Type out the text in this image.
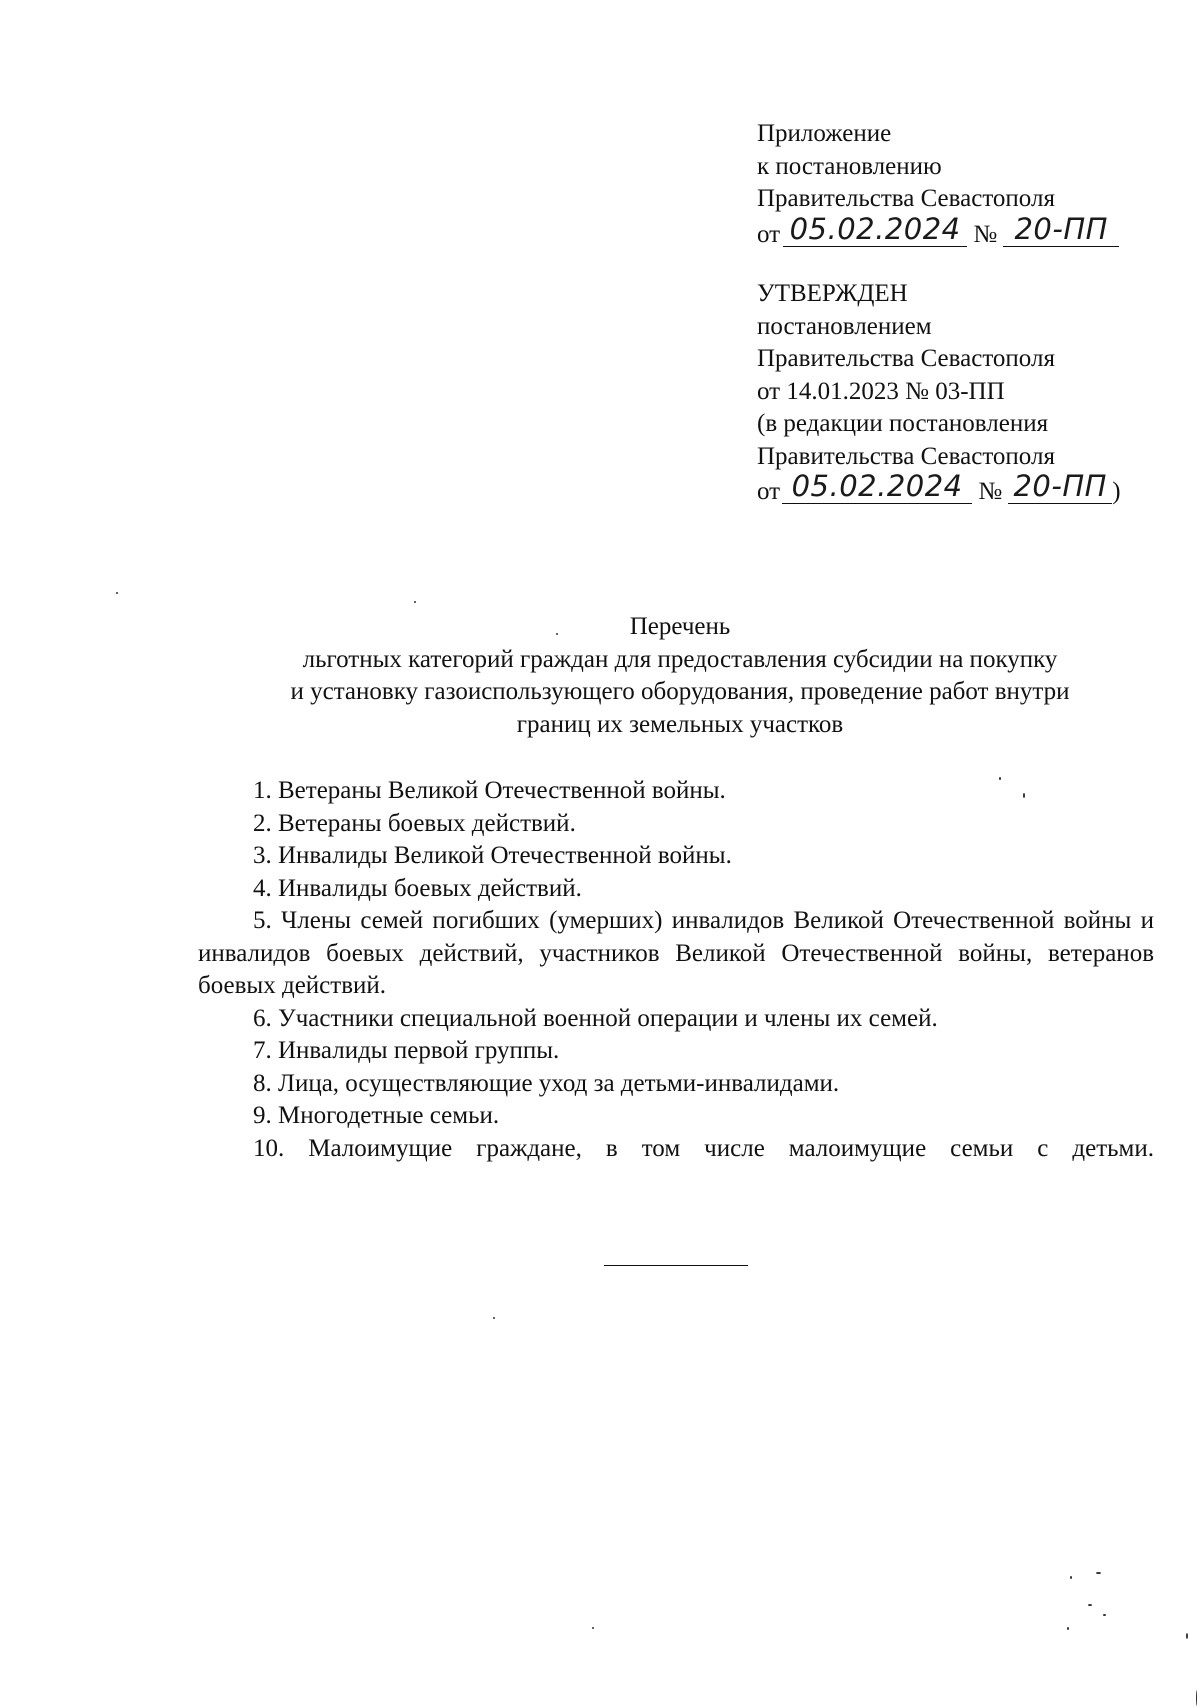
Приложение
к постановлению
Правительства Севастополя
от 05.02.2024 № 20-ПП
УТВЕРЖДЕН
постановлением
Правительства Севастополя
от 14.01.2023 № 03-ПП
(в редакции постановления
Правительства Севастополя
от 05.02.2024 № 20-ПП )
Перечень
льготных категорий граждан для предоставления субсидии на покупку
и установку газоиспользующего оборудования, проведение работ внутри
границ их земельных участков
1. Ветераны Великой Отечественной войны.
2. Ветераны боевых действий.
3. Инвалиды Великой Отечественной войны.
4. Инвалиды боевых действий.
5. Члены семей погибших (умерших) инвалидов Великой Отечественной войны и инвалидов боевых действий, участников Великой Отечественной войны, ветеранов боевых действий.
6. Участники специальной военной операции и члены их семей.
7. Инвалиды первой группы.
8. Лица, осуществляющие уход за детьми-инвалидами.
9. Многодетные семьи.
10. Малоимущие граждане, в том числе малоимущие семьи с детьми.
